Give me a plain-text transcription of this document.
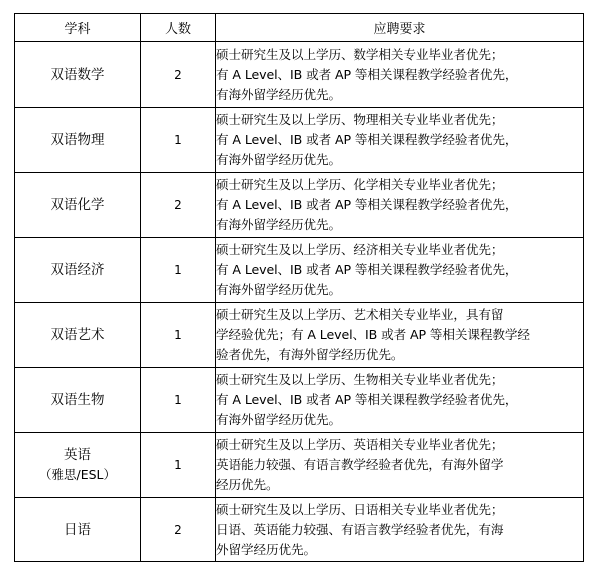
学科	人数	应聘要求

双语数学	2	硕士研究生及以上学历、数学相关专业毕业者优先；
有 A Level、IB 或者 AP 等相关课程教学经验者优先，
有海外留学经历优先。

双语物理	1	硕士研究生及以上学历、物理相关专业毕业者优先；
有 A Level、IB 或者 AP 等相关课程教学经验者优先，
有海外留学经历优先。

双语化学	2	硕士研究生及以上学历、化学相关专业毕业者优先；
有 A Level、IB 或者 AP 等相关课程教学经验者优先，
有海外留学经历优先。

双语经济	1	硕士研究生及以上学历、经济相关专业毕业者优先；
有 A Level、IB 或者 AP 等相关课程教学经验者优先，
有海外留学经历优先。

双语艺术	1	硕士研究生及以上学历、艺术相关专业毕业，具有留
学经验优先；有 A Level、IB 或者 AP 等相关课程教学经
验者优先，有海外留学经历优先。

双语生物	1	硕士研究生及以上学历、生物相关专业毕业者优先；
有 A Level、IB 或者 AP 等相关课程教学经验者优先，
有海外留学经历优先。

英语
（雅思/ESL）	1	硕士研究生及以上学历、英语相关专业毕业者优先；
英语能力较强、有语言教学经验者优先，有海外留学
经历优先。

日语	2	硕士研究生及以上学历、日语相关专业毕业者优先；
日语、英语能力较强、有语言教学经验者优先，有海
外留学经历优先。
